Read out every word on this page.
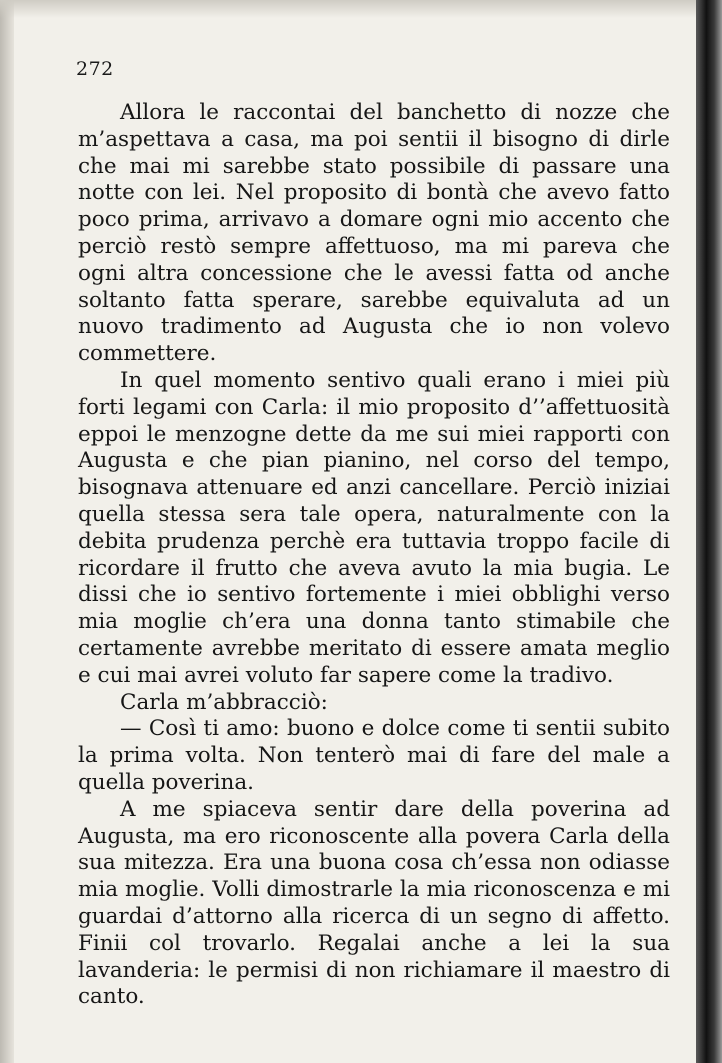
272

Allora le raccontai del banchetto di nozze che m’aspettava a casa, ma poi sentii il bisogno di dirle che mai mi sarebbe stato possibile di passare una notte con lei. Nel proposito di bontà che avevo fatto poco prima, arrivavo a domare ogni mio accento che perciò restò sempre affettuoso, ma mi pareva che ogni altra concessione che le avessi fatta od anche soltanto fatta sperare, sarebbe equivaluta ad un nuovo tradimento ad Augusta che io non volevo commettere.

In quel momento sentivo quali erano i miei più forti legami con Carla: il mio proposito d’’affettuosità eppoi le menzogne dette da me sui miei rapporti con Augusta e che pian pianino, nel corso del tempo, bisognava attenuare ed anzi cancellare. Perciò iniziai quella stessa sera tale opera, naturalmente con la debita prudenza perchè era tuttavia troppo facile di ricordare il frutto che aveva avuto la mia bugia. Le dissi che io sentivo fortemente i miei obblighi verso mia moglie ch’era una donna tanto stimabile che certamente avrebbe meritato di essere amata meglio e cui mai avrei voluto far sapere come la tradivo.

Carla m’abbracciò:

— Così ti amo: buono e dolce come ti sentii subito la prima volta. Non tenterò mai di fare del male a quella poverina.

A me spiaceva sentir dare della poverina ad Augusta, ma ero riconoscente alla povera Carla della sua mitezza. Era una buona cosa ch’essa non odiasse mia moglie. Volli dimostrarle la mia riconoscenza e mi guardai d’attorno alla ricerca di un segno di affetto. Finii col trovarlo. Regalai anche a lei la sua lavanderia: le permisi di non richiamare il maestro di canto.
